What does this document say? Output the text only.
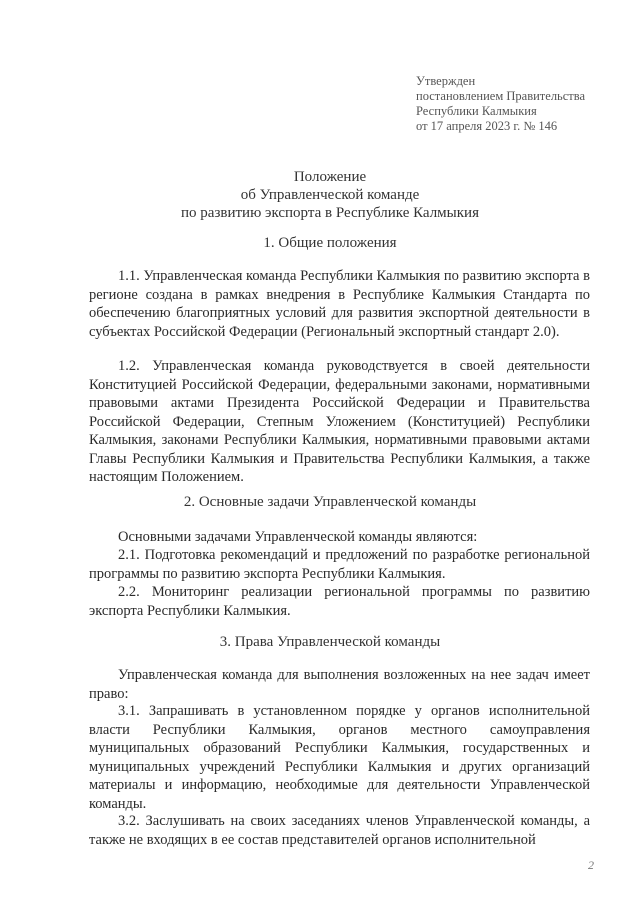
Утвержден
постановлением Правительства
Республики Калмыкия
от 17 апреля 2023 г. № 146
Положение
об Управленческой команде
по развитию экспорта в Республике Калмыкия
1. Общие положения
1.1. Управленческая команда Республики Калмыкия по развитию экспорта в регионе создана в рамках внедрения в Республике Калмыкия Стандарта по обеспечению благоприятных условий для развития экспортной деятельности в субъектах Российской Федерации (Региональный экспортный стандарт 2.0).
1.2. Управленческая команда руководствуется в своей деятельности Конституцией Российской Федерации, федеральными законами, нормативными правовыми актами Президента Российской Федерации и Правительства Российской Федерации, Степным Уложением (Конституцией) Республики Калмыкия, законами Республики Калмыкия, нормативными правовыми актами Главы Республики Калмыкия и Правительства Республики Калмыкия, а также настоящим Положением.
2. Основные задачи Управленческой команды
Основными задачами Управленческой команды являются:
2.1. Подготовка рекомендаций и предложений по разработке региональной программы по развитию экспорта Республики Калмыкия.
2.2. Мониторинг реализации региональной программы по развитию экспорта Республики Калмыкия.
3. Права Управленческой команды
Управленческая команда для выполнения возложенных на нее задач имеет право:
3.1. Запрашивать в установленном порядке у органов исполнительной власти Республики Калмыкия, органов местного самоуправления муниципальных образований Республики Калмыкия, государственных и муниципальных учреждений Республики Калмыкия и других организаций материалы и информацию, необходимые для деятельности Управленческой команды.
3.2. Заслушивать на своих заседаниях членов Управленческой команды, а также не входящих в ее состав представителей органов исполнительной
2
